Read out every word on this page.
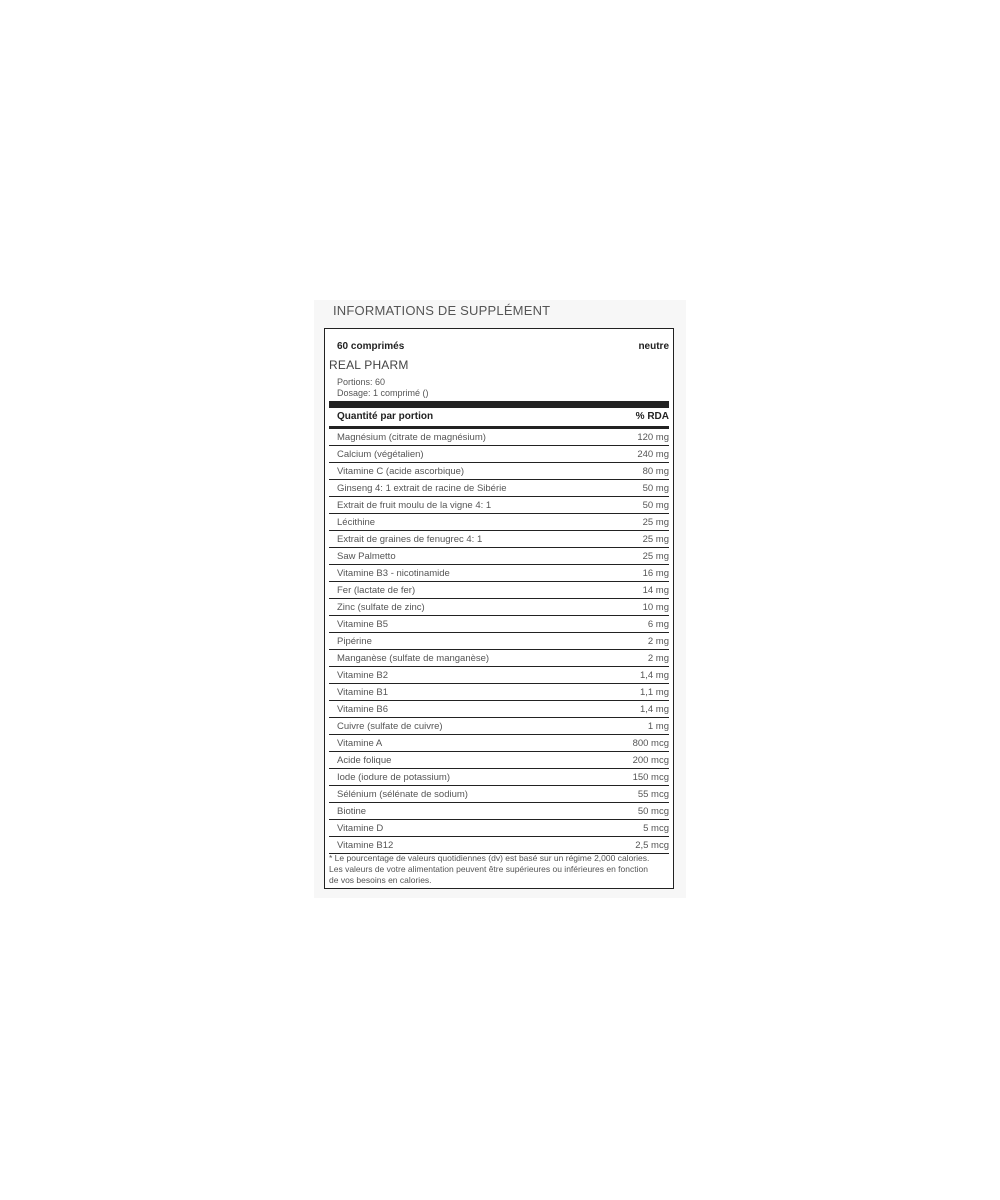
INFORMATIONS DE SUPPLÉMENT
60 comprimés	neutre
REAL PHARM
Portions: 60
Dosage: 1 comprimé ()
Quantité par portion	% RDA
Magnésium (citrate de magnésium)	120 mg
Calcium (végétalien)	240 mg
Vitamine C (acide ascorbique)	80 mg
Ginseng 4: 1 extrait de racine de Sibérie	50 mg
Extrait de fruit moulu de la vigne 4: 1	50 mg
Lécithine	25 mg
Extrait de graines de fenugrec 4: 1	25 mg
Saw Palmetto	25 mg
Vitamine B3 - nicotinamide	16 mg
Fer (lactate de fer)	14 mg
Zinc (sulfate de zinc)	10 mg
Vitamine B5	6 mg
Pipérine	2 mg
Manganèse (sulfate de manganèse)	2 mg
Vitamine B2	1,4 mg
Vitamine B1	1,1 mg
Vitamine B6	1,4 mg
Cuivre (sulfate de cuivre)	1 mg
Vitamine A	800 mcg
Acide folique	200 mcg
Iode (iodure de potassium)	150 mcg
Sélénium (sélénate de sodium)	55 mcg
Biotine	50 mcg
Vitamine D	5 mcg
Vitamine B12	2,5 mcg
* Le pourcentage de valeurs quotidiennes (dv) est basé sur un régime 2,000 calories. Les valeurs de votre alimentation peuvent être supérieures ou inférieures en fonction de vos besoins en calories.
